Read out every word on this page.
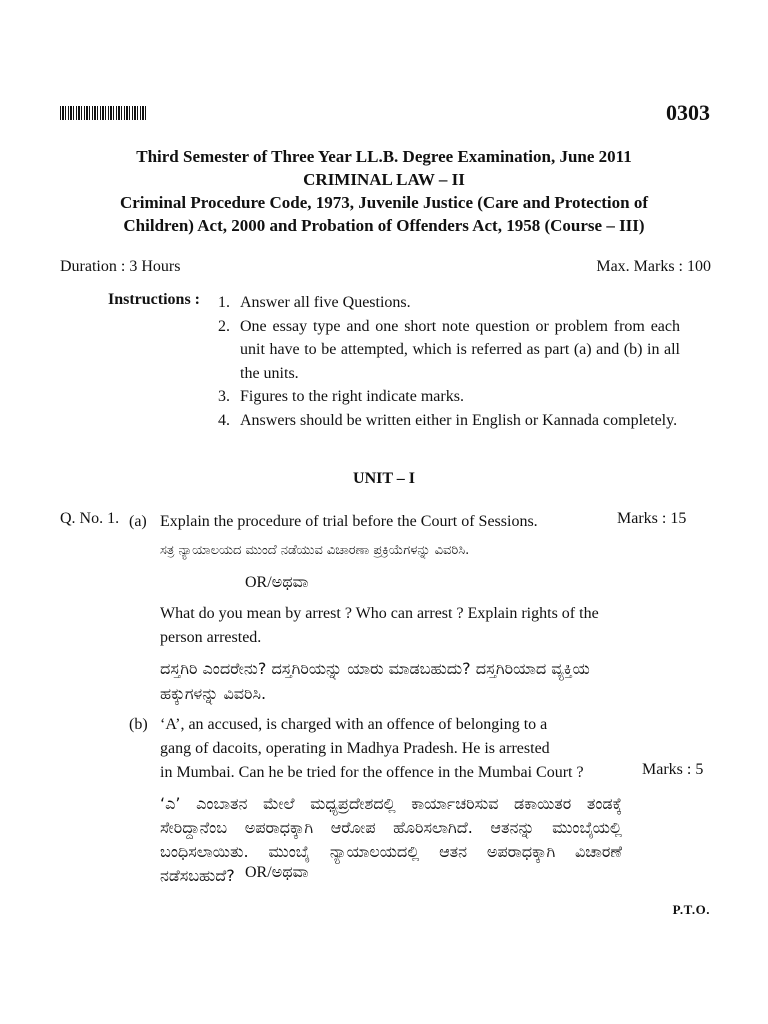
0303
Third Semester of Three Year LL.B. Degree Examination, June 2011
CRIMINAL LAW – II
Criminal Procedure Code, 1973, Juvenile Justice (Care and Protection of
Children) Act, 2000 and Probation of Offenders Act, 1958 (Course – III)
Duration : 3 Hours	Max. Marks : 100
Instructions : 1. Answer all five Questions.
2. One essay type and one short note question or problem from each unit have to be attempted, which is referred as part (a) and (b) in all the units.
3. Figures to the right indicate marks.
4. Answers should be written either in English or Kannada completely.
UNIT – I
Q. No. 1. (a) Explain the procedure of trial before the Court of Sessions.	Marks : 15
ಸತ್ರ ನ್ಯಾಯಾಲಯದ ಮುಂದೆ ನಡೆಯುವ ವಿಚಾರಣಾ ಪ್ರಕ್ರಿಯೆಗಳನ್ನು ವಿವರಿಸಿ.
OR/ಅಥವಾ
What do you mean by arrest ? Who can arrest ? Explain rights of the person arrested.
ದಸ್ತಗಿರಿ ಎಂದರೇನು? ದಸ್ತಗಿರಿಯನ್ನು ಯಾರು ಮಾಡಬಹುದು? ದಸ್ತಗಿರಿಯಾದ ವ್ಯಕ್ತಿಯ ಹಕ್ಕುಗಳನ್ನು ವಿವರಿಸಿ.
(b) ‘A’, an accused, is charged with an offence of belonging to a
gang of dacoits, operating in Madhya Pradesh. He is arrested
in Mumbai. Can he be tried for the offence in the Mumbai Court ?	Marks : 5
‘ಎ’ ಎಂಬಾತನ ಮೇಲೆ ಮಧ್ಯಪ್ರದೇಶದಲ್ಲಿ ಕಾರ್ಯಾಚರಿಸುವ ಡಕಾಯಿತರ ತಂಡಕ್ಕೆ ಸೇರಿದ್ದಾನೆಂಬ ಅಪರಾಧಕ್ಕಾಗಿ ಆರೋಪ ಹೊರಿಸಲಾಗಿದೆ. ಆತನನ್ನು ಮುಂಬೈಯಲ್ಲಿ ಬಂಧಿಸಲಾಯಿತು. ಮುಂಬೈ ನ್ಯಾಯಾಲಯದಲ್ಲಿ ಆತನ ಅಪರಾಧಕ್ಕಾಗಿ ವಿಚಾರಣೆ ನಡೆಸಬಹುದೆ? OR/ಅಥವಾ
P.T.O.
